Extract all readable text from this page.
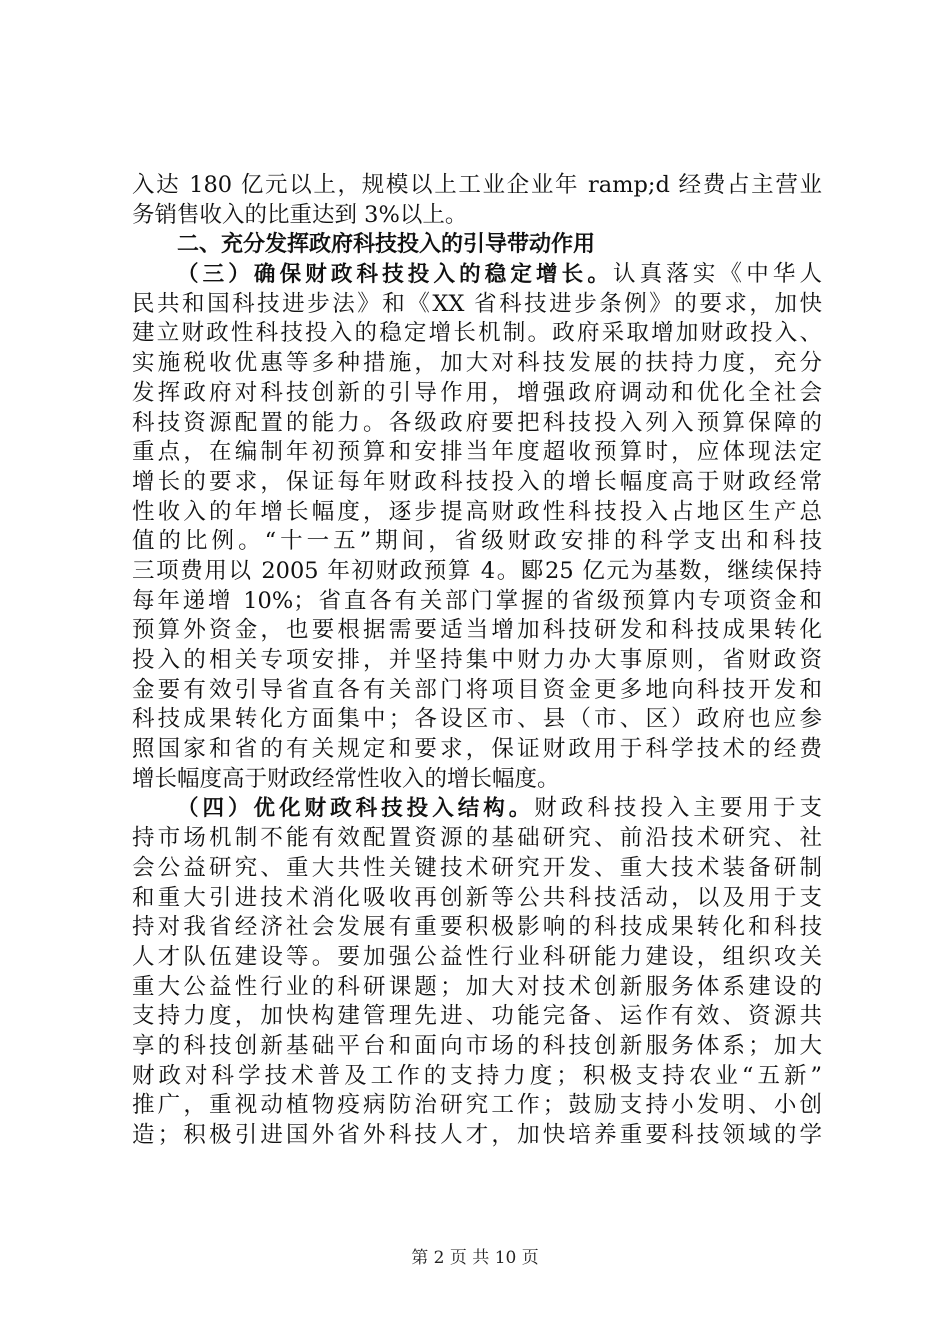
入达 180 亿元以上，规模以上工业企业年 ramp;d 经费占主营业
务销售收入的比重达到 3%以上。
二、充分发挥政府科技投入的引导带动作用
（三）确保财政科技投入的稳定增长。认真落实《中华人
民共和国科技进步法》和《XX 省科技进步条例》的要求，加快
建立财政性科技投入的稳定增长机制。政府采取增加财政投入、
实施税收优惠等多种措施，加大对科技发展的扶持力度，充分
发挥政府对科技创新的引导作用，增强政府调动和优化全社会
科技资源配置的能力。各级政府要把科技投入列入预算保障的
重点，在编制年初预算和安排当年度超收预算时，应体现法定
增长的要求，保证每年财政科技投入的增长幅度高于财政经常
性收入的年增长幅度，逐步提高财政性科技投入占地区生产总
值的比例。“十一五”期间，省级财政安排的科学支出和科技
三项费用以 2005 年初财政预算 4。郾25 亿元为基数，继续保持
每年递增 10%；省直各有关部门掌握的省级预算内专项资金和
预算外资金，也要根据需要适当增加科技研发和科技成果转化
投入的相关专项安排，并坚持集中财力办大事原则，省财政资
金要有效引导省直各有关部门将项目资金更多地向科技开发和
科技成果转化方面集中；各设区市、县（市、区）政府也应参
照国家和省的有关规定和要求，保证财政用于科学技术的经费
增长幅度高于财政经常性收入的增长幅度。
（四）优化财政科技投入结构。财政科技投入主要用于支
持市场机制不能有效配置资源的基础研究、前沿技术研究、社
会公益研究、重大共性关键技术研究开发、重大技术装备研制
和重大引进技术消化吸收再创新等公共科技活动，以及用于支
持对我省经济社会发展有重要积极影响的科技成果转化和科技
人才队伍建设等。要加强公益性行业科研能力建设，组织攻关
重大公益性行业的科研课题；加大对技术创新服务体系建设的
支持力度，加快构建管理先进、功能完备、运作有效、资源共
享的科技创新基础平台和面向市场的科技创新服务体系；加大
财政对科学技术普及工作的支持力度；积极支持农业“五新”
推广，重视动植物疫病防治研究工作；鼓励支持小发明、小创
造；积极引进国外省外科技人才，加快培养重要科技领域的学
第 2 页 共 10 页
